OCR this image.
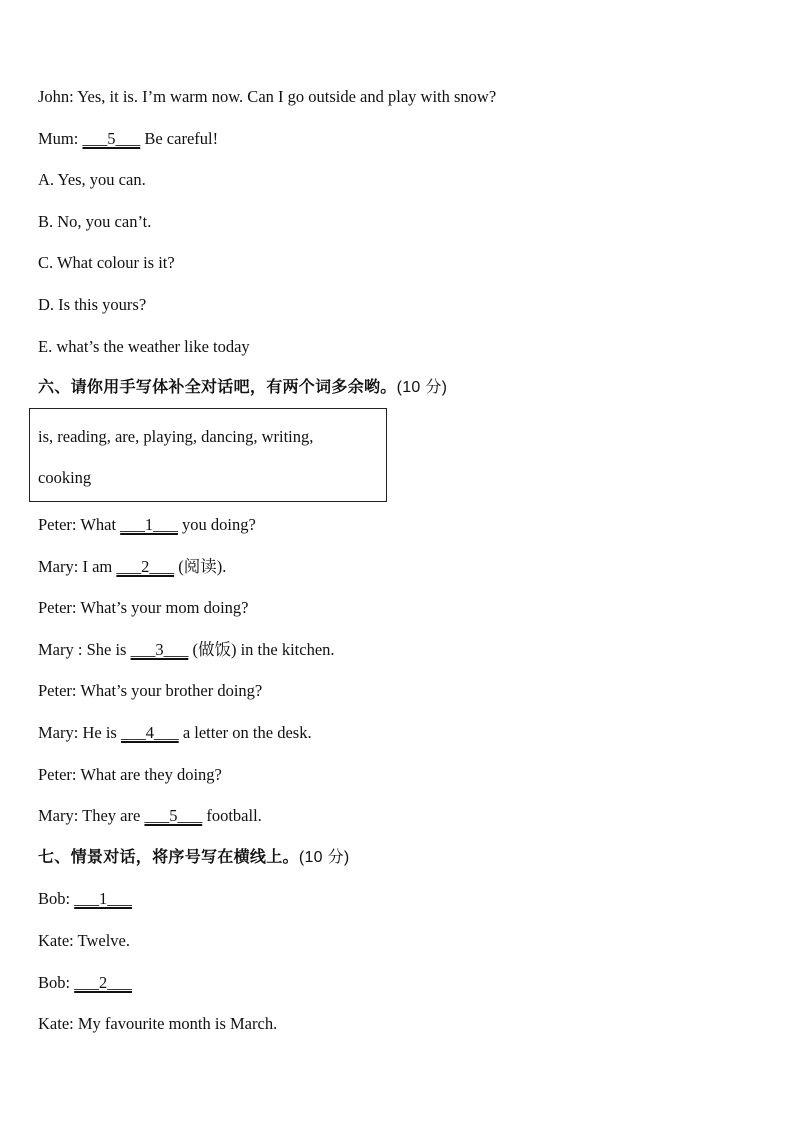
John: Yes, it is. I’m warm now. Can I go outside and play with snow?
Mum: ___5___ Be careful!
A. Yes, you can.
B. No, you can’t.
C. What colour is it?
D. Is this yours?
E. what’s the weather like today
六、请你用手写体补全对话吧，有两个词多余哟。(10 分)
is, reading, are, playing, dancing, writing,
cooking
Peter: What ___1___ you doing?
Mary: I am ___2___ (阅读).
Peter: What’s your mom doing?
Mary : She is ___3___ (做饭) in the kitchen.
Peter: What’s your brother doing?
Mary: He is ___4___ a letter on the desk.
Peter: What are they doing?
Mary: They are ___5___ football.
七、情景对话，将序号写在横线上。(10 分)
Bob: ___1___
Kate: Twelve.
Bob: ___2___
Kate: My favourite month is March.
